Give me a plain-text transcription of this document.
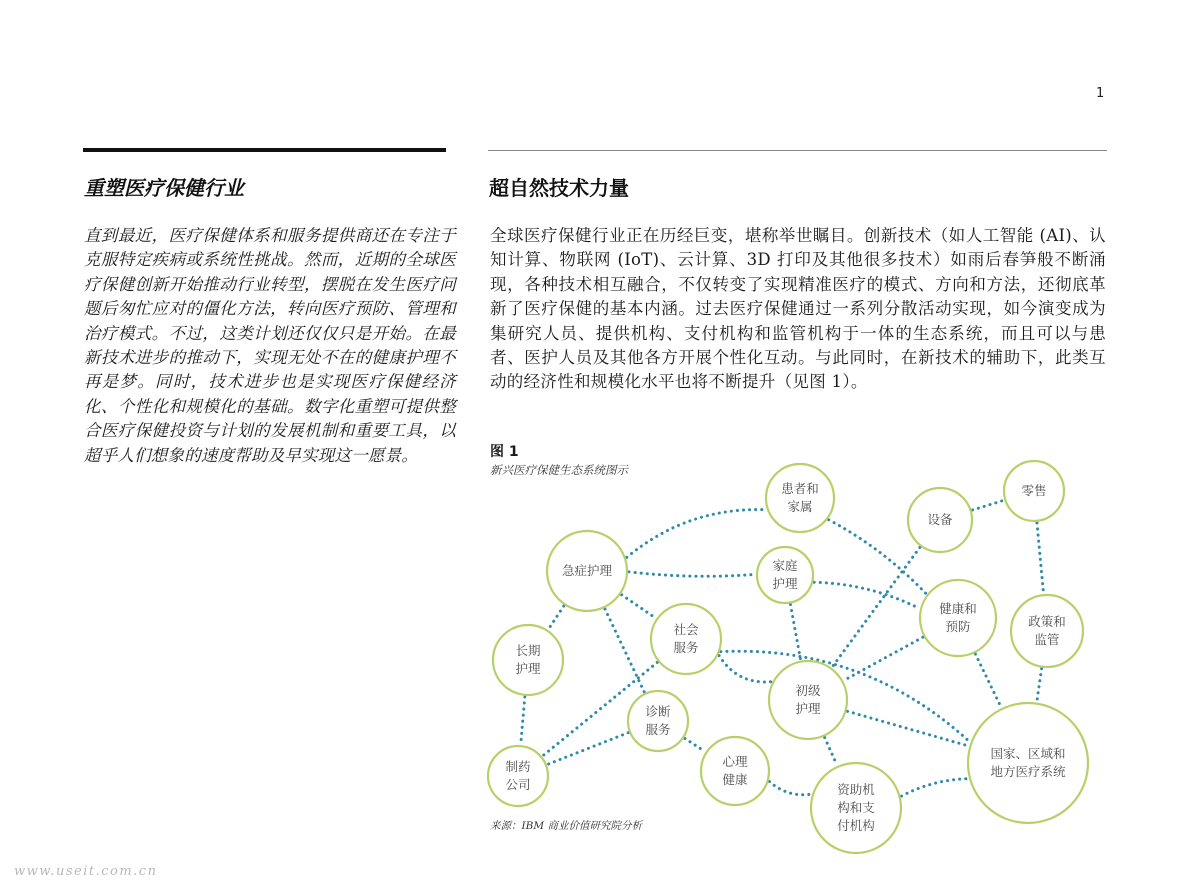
1
重塑医疗保健行业
直到最近，医疗保健体系和服务提供商还在专注于克服特定疾病或系统性挑战。然而，近期的全球医疗保健创新开始推动行业转型，摆脱在发生医疗问题后匆忙应对的僵化方法，转向医疗预防、管理和治疗模式。不过，这类计划还仅仅只是开始。在最新技术进步的推动下，实现无处不在的健康护理不再是梦。同时，技术进步也是实现医疗保健经济化、个性化和规模化的基础。数字化重塑可提供整合医疗保健投资与计划的发展机制和重要工具，以超乎人们想象的速度帮助及早实现这一愿景。
超自然技术力量
全球医疗保健行业正在历经巨变，堪称举世瞩目。创新技术（如人工智能 (AI)、认知计算、物联网 (IoT)、云计算、3D 打印及其他很多技术）如雨后春笋般不断涌现，各种技术相互融合，不仅转变了实现精准医疗的模式、方向和方法，还彻底革新了医疗保健的基本内涵。过去医疗保健通过一系列分散活动实现，如今演变成为集研究人员、提供机构、支付机构和监管机构于一体的生态系统，而且可以与患者、医护人员及其他各方开展个性化互动。与此同时，在新技术的辅助下，此类互动的经济性和规模化水平也将不断提升（见图 1）。
图 1
新兴医疗保健生态系统图示
患者和
家属
零售
设备
急症护理	家庭
护理
健康和
预防	政策和
监管
社会
服务
长期
护理
初级
护理
诊断
服务
国家、区域和
地方医疗系统
心理
健康
制药
公司	资助机
构和支
付机构
来源：IBM 商业价值研究院分析
www.useit.com.cn
